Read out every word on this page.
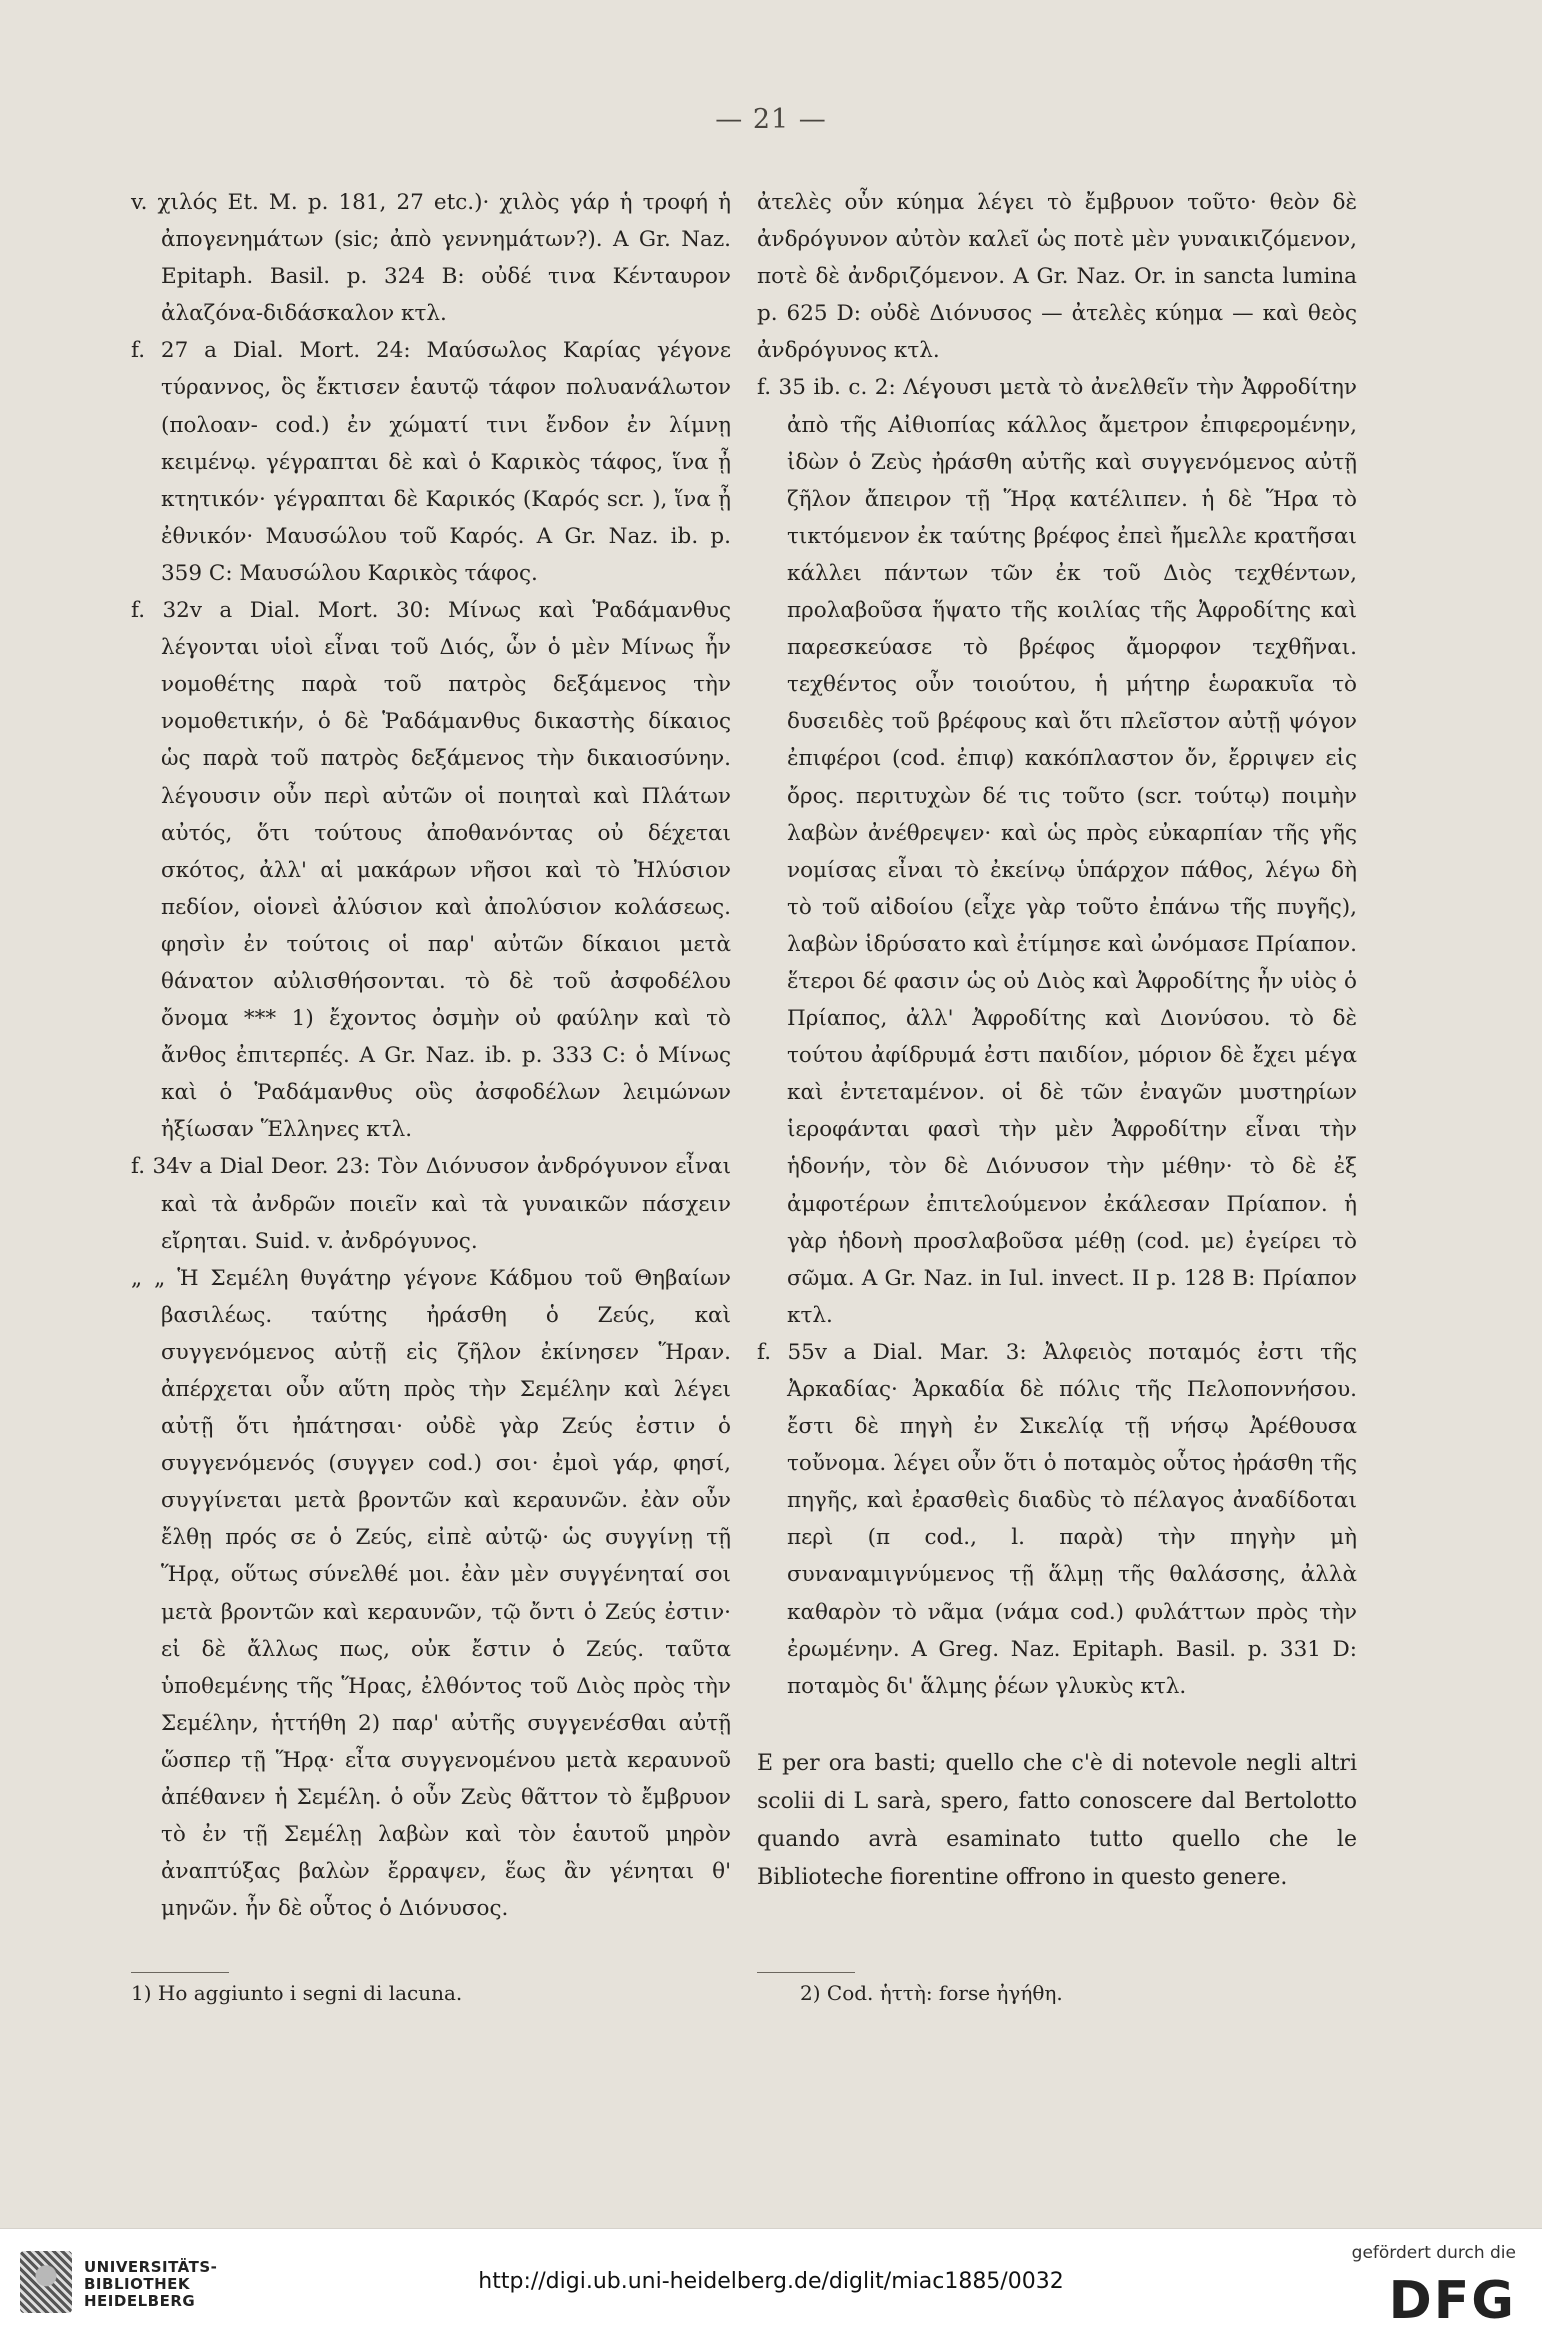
— 21 —

v. χιλός Et. M. p. 181, 27 etc.)· χιλὸς γάρ ἡ τροφή ἡ ἀπογενημάτων (sic; ἀπὸ γεννημάτων?). A Gr. Naz. Epitaph. Basil. p. 324 B: οὐδέ τινα Κένταυρον ἀλαζόνα-διδάσκαλον κτλ.

f. 27 a Dial. Mort. 24: Μαύσωλος Καρίας γέγονε τύραννος, ὃς ἔκτισεν ἑαυτῷ τάφον πολυανάλωτον (πολοαν- cod.) ἐν χώματί τινι ἔνδον ἐν λίμνῃ κειμένῳ. γέγραπται δὲ καὶ ὁ Καρικὸς τάφος, ἵνα ᾖ κτητικόν· γέγραπται δὲ Καρικός (Καρός scr. ), ἵνα ᾖ ἐθνικόν· Μαυσώλου τοῦ Καρός. A Gr. Naz. ib. p. 359 C: Μαυσώλου Καρικὸς τάφος.

f. 32v a Dial. Mort. 30: Μίνως καὶ Ῥαδάμανθυς λέγονται υἱοὶ εἶναι τοῦ Διός, ὧν ὁ μὲν Μίνως ἦν νομοθέτης παρὰ τοῦ πατρὸς δεξάμενος τὴν νομοθετικήν, ὁ δὲ Ῥαδάμανθυς δικαστὴς δίκαιος ὡς παρὰ τοῦ πατρὸς δεξάμενος τὴν δικαιοσύνην. λέγουσιν οὖν περὶ αὐτῶν οἱ ποιηταὶ καὶ Πλάτων αὐτός, ὅτι τούτους ἀποθανόντας οὐ δέχεται σκότος, ἀλλ' αἱ μακάρων νῆσοι καὶ τὸ Ἠλύσιον πεδίον, οἱονεὶ ἀλύσιον καὶ ἀπολύσιον κολάσεως. φησὶν ἐν τούτοις οἱ παρ' αὐτῶν δίκαιοι μετὰ θάνατον αὐλισθήσονται. τὸ δὲ τοῦ ἀσφοδέλου ὄνομα *** 1) ἔχοντος ὀσμὴν οὐ φαύλην καὶ τὸ ἄνθος ἐπιτερπές. A Gr. Naz. ib. p. 333 C: ὁ Μίνως καὶ ὁ Ῥαδάμανθυς οὓς ἀσφοδέλων λειμώνων ἠξίωσαν Ἕλληνες κτλ.

f. 34v a Dial Deor. 23: Τὸν Διόνυσον ἀνδρόγυνον εἶναι καὶ τὰ ἀνδρῶν ποιεῖν καὶ τὰ γυναικῶν πάσχειν εἴρηται. Suid. v. ἀνδρόγυνος.

„ „ Ἡ Σεμέλη θυγάτηρ γέγονε Κάδμου τοῦ Θηβαίων βασιλέως. ταύτης ἠράσθη ὁ Ζεύς, καὶ συγγενόμενος αὐτῇ εἰς ζῆλον ἐκίνησεν Ἥραν. ἀπέρχεται οὖν αὕτη πρὸς τὴν Σεμέλην καὶ λέγει αὐτῇ ὅτι ἠπάτησαι· οὐδὲ γὰρ Ζεύς ἐστιν ὁ συγγενόμενός (συγγεν cod.) σοι· ἐμοὶ γάρ, φησί, συγγίνεται μετὰ βροντῶν καὶ κεραυνῶν. ἐὰν οὖν ἔλθῃ πρός σε ὁ Ζεύς, εἰπὲ αὐτῷ· ὡς συγγίνῃ τῇ Ἥρᾳ, οὕτως σύνελθέ μοι. ἐὰν μὲν συγγένηταί σοι μετὰ βροντῶν καὶ κεραυνῶν, τῷ ὄντι ὁ Ζεύς ἐστιν· εἰ δὲ ἄλλως πως, οὐκ ἔστιν ὁ Ζεύς. ταῦτα ὑποθεμένης τῆς Ἥρας, ἐλθόντος τοῦ Διὸς πρὸς τὴν Σεμέλην, ἡττήθη 2) παρ' αὐτῆς συγγενέσθαι αὐτῇ ὥσπερ τῇ Ἥρᾳ· εἶτα συγγενομένου μετὰ κεραυνοῦ ἀπέθανεν ἡ Σεμέλη. ὁ οὖν Ζεὺς θᾶττον τὸ ἔμβρυον τὸ ἐν τῇ Σεμέλῃ λαβὼν καὶ τὸν ἑαυτοῦ μηρὸν ἀναπτύξας βαλὼν ἔρραψεν, ἕως ἂν γένηται θ' μηνῶν. ἦν δὲ οὗτος ὁ Διόνυσος.

ἀτελὲς οὖν κύημα λέγει τὸ ἔμβρυον τοῦτο· θεὸν δὲ ἀνδρόγυνον αὐτὸν καλεῖ ὡς ποτὲ μὲν γυναικιζόμενον, ποτὲ δὲ ἀνδριζόμενον. A Gr. Naz. Or. in sancta lumina p. 625 D: οὐδὲ Διόνυσος — ἀτελὲς κύημα — καὶ θεὸς ἀνδρόγυνος κτλ.

f. 35 ib. c. 2: Λέγουσι μετὰ τὸ ἀνελθεῖν τὴν Ἀφροδίτην ἀπὸ τῆς Αἰθιοπίας κάλλος ἄμετρον ἐπιφερομένην, ἰδὼν ὁ Ζεὺς ἠράσθη αὐτῆς καὶ συγγενόμενος αὐτῇ ζῆλον ἄπειρον τῇ Ἥρᾳ κατέλιπεν. ἡ δὲ Ἥρα τὸ τικτόμενον ἐκ ταύτης βρέφος ἐπεὶ ἤμελλε κρατῆσαι κάλλει πάντων τῶν ἐκ τοῦ Διὸς τεχθέντων, προλαβοῦσα ἥψατο τῆς κοιλίας τῆς Ἀφροδίτης καὶ παρεσκεύασε τὸ βρέφος ἄμορφον τεχθῆναι. τεχθέντος οὖν τοιούτου, ἡ μήτηρ ἑωρακυῖα τὸ δυσειδὲς τοῦ βρέφους καὶ ὅτι πλεῖστον αὐτῇ ψόγον ἐπιφέροι (cod. ἐπιφ) κακόπλαστον ὄν, ἔρριψεν εἰς ὄρος. περιτυχὼν δέ τις τοῦτο (scr. τούτῳ) ποιμὴν λαβὼν ἀνέθρεψεν· καὶ ὡς πρὸς εὐκαρπίαν τῆς γῆς νομίσας εἶναι τὸ ἐκείνῳ ὑπάρχον πάθος, λέγω δὴ τὸ τοῦ αἰδοίου (εἶχε γὰρ τοῦτο ἐπάνω τῆς πυγῆς), λαβὼν ἱδρύσατο καὶ ἐτίμησε καὶ ὠνόμασε Πρίαπον. ἕτεροι δέ φασιν ὡς οὐ Διὸς καὶ Ἀφροδίτης ἦν υἱὸς ὁ Πρίαπος, ἀλλ' Ἀφροδίτης καὶ Διονύσου. τὸ δὲ τούτου ἀφίδρυμά ἐστι παιδίον, μόριον δὲ ἔχει μέγα καὶ ἐντεταμένον. οἱ δὲ τῶν ἐναγῶν μυστηρίων ἱεροφάνται φασὶ τὴν μὲν Ἀφροδίτην εἶναι τὴν ἡδονήν, τὸν δὲ Διόνυσον τὴν μέθην· τὸ δὲ ἐξ ἀμφοτέρων ἐπιτελούμενον ἐκάλεσαν Πρίαπον. ἡ γὰρ ἡδονὴ προσλαβοῦσα μέθῃ (cod. με) ἐγείρει τὸ σῶμα. A Gr. Naz. in Iul. invect. II p. 128 B: Πρίαπον κτλ.

f. 55v a Dial. Mar. 3: Ἀλφειὸς ποταμός ἐστι τῆς Ἀρκαδίας· Ἀρκαδία δὲ πόλις τῆς Πελοποννήσου. ἔστι δὲ πηγὴ ἐν Σικελίᾳ τῇ νήσῳ Ἀρέθουσα τοὔνομα. λέγει οὖν ὅτι ὁ ποταμὸς οὗτος ἠράσθη τῆς πηγῆς, καὶ ἐρασθεὶς διαδὺς τὸ πέλαγος ἀναδίδοται περὶ (π cod., l. παρὰ) τὴν πηγὴν μὴ συναναμιγνύμενος τῇ ἅλμῃ τῆς θαλάσσης, ἀλλὰ καθαρὸν τὸ νᾶμα (νάμα cod.) φυλάττων πρὸς τὴν ἐρωμένην. A Greg. Naz. Epitaph. Basil. p. 331 D: ποταμὸς δι' ἅλμης ῥέων γλυκὺς κτλ.

E per ora basti; quello che c'è di notevole negli altri scolii di L sarà, spero, fatto conoscere dal Bertolotto quando avrà esaminato tutto quello che le Biblioteche fiorentine offrono in questo genere.

1) Ho aggiunto i segni di lacuna.	2) Cod. ἡττὴ: forse ἠγήθη.
UNIVERSITÄTS-
BIBLIOTHEK
HEIDELBERG
http://digi.ub.uni-heidelberg.de/diglit/miac1885/0032
gefördert durch die
DFG
